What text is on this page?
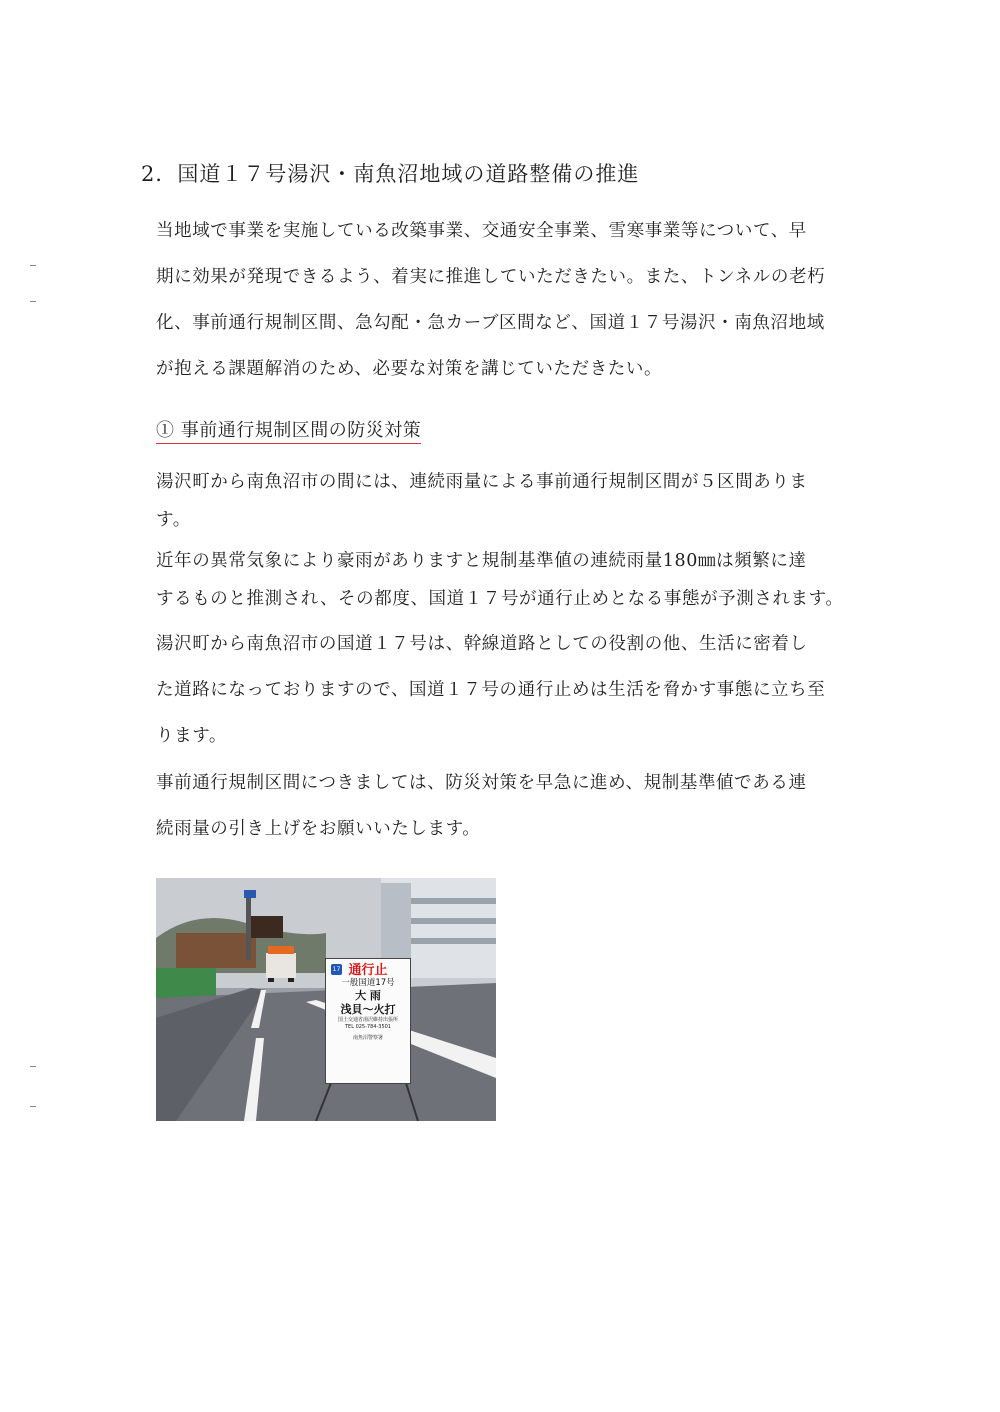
2．国道１７号湯沢・南魚沼地域の道路整備の推進
当地域で事業を実施している改築事業、交通安全事業、雪寒事業等について、早
期に効果が発現できるよう、着実に推進していただきたい。また、トンネルの老朽
化、事前通行規制区間、急勾配・急カーブ区間など、国道１７号湯沢・南魚沼地域
が抱える課題解消のため、必要な対策を講じていただきたい。
① 事前通行規制区間の防災対策
湯沢町から南魚沼市の間には、連続雨量による事前通行規制区間が５区間ありま
す。
近年の異常気象により豪雨がありますと規制基準値の連続雨量180㎜は頻繁に達
するものと推測され、その都度、国道１７号が通行止めとなる事態が予測されます。
湯沢町から南魚沼市の国道１７号は、幹線道路としての役割の他、生活に密着し
た道路になっておりますので、国道１７号の通行止めは生活を脅かす事態に立ち至
ります。
事前通行規制区間につきましては、防災対策を早急に進め、規制基準値である連
続雨量の引き上げをお願いいたします。
17 通行止
一般国道17号
大 雨
浅貝～火打
国土交通省湯沢維持出張所
TEL 025-784-3501
南魚沼警察署
